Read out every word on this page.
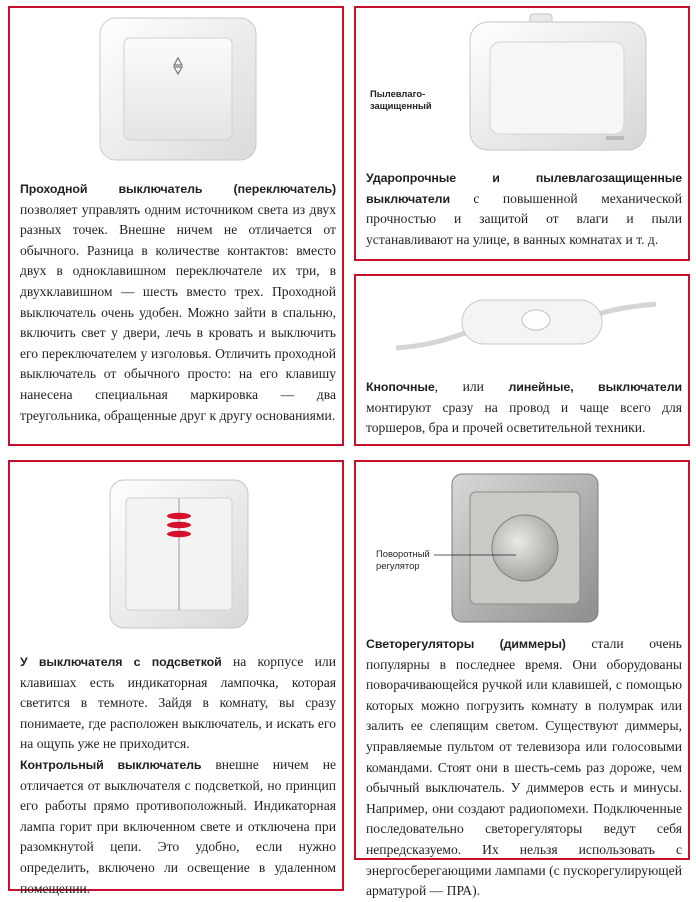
Проходной выключатель (переключатель) позволяет управлять одним источником света из двух разных точек. Внешне ничем не отличается от обычного. Разница в количестве контактов: вместо двух в одноклавишном переключателе их три, в двухклавишном — шесть вместо трех. Проходной выключатель очень удобен. Можно зайти в спальню, включить свет у двери, лечь в кровать и выключить его переключателем у изголовья. Отличить проходной выключатель от обычного просто: на его клавишу нанесена специальная маркировка — два треугольника, обращенные друг к другу основаниями.

Пылевлаго-
защищенный

Ударопрочные и пылевлагозащищенные выключатели с повышенной механической прочностью и защитой от влаги и пыли устанавливают на улице, в ванных комнатах и т. д.

Кнопочные, или линейные, выключатели монтируют сразу на провод и чаще всего для торшеров, бра и прочей осветительной техники.

У выключателя с подсветкой на корпусе или клавишах есть индикаторная лампочка, которая светится в темноте. Зайдя в комнату, вы сразу понимаете, где расположен выключатель, и искать его на ощупь уже не приходится.
Контрольный выключатель внешне ничем не отличается от выключателя с подсветкой, но принцип его работы прямо противоположный. Индикаторная лампа горит при включенном свете и отключена при разомкнутой цепи. Это удобно, если нужно определить, включено ли освещение в удаленном помещении.

Поворотный
регулятор

Светорегуляторы (диммеры) стали очень популярны в последнее время. Они оборудованы поворачивающейся ручкой или клавишей, с помощью которых можно погрузить комнату в полумрак или залить ее слепящим светом. Существуют диммеры, управляемые пультом от телевизора или голосовыми командами. Стоят они в шесть-семь раз дороже, чем обычный выключатель. У диммеров есть и минусы. Например, они создают радиопомехи. Подключенные последовательно светорегуляторы ведут себя непредсказуемо. Их нельзя использовать с энергосберегающими лампами (с пускорегулирующей арматурой — ПРА).
